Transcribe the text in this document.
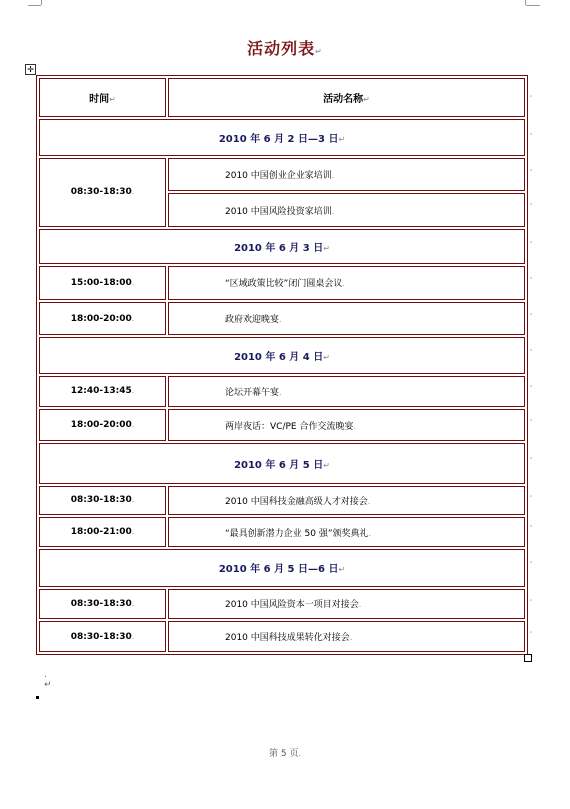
活动列表↵
✛
时间↵	活动名称↵
2010 年 6 月 2 日—3 日↵	
08:30-18:30.	2010 中国创业企业家培训.
	2010 中国风险投资家培训.
2010 年 6 月 3 日↵	
15:00-18:00.	“区域政策比较”闭门圆桌会议.
18:00-20:00.	政府欢迎晚宴.
2010 年 6 月 4 日↵	
12:40-13:45.	论坛开幕午宴.
18:00-20:00.	两岸夜话：VC/PE 合作交流晚宴.
2010 年 6 月 5 日↵	
08:30-18:30.	2010 中国科技金融高级人才对接会.
18:00-21:00.	“最具创新潜力企业 50 强”颁奖典礼.
2010 年 6 月 5 日—6 日↵	
08:30-18:30.	2010 中国风险资本一项目对接会.
08:30-18:30.	2010 中国科技成果转化对接会.
,
,
,
,
,
,
,
,
,
,
,
,
,
,
,
,
.
↵
第 5 页.
